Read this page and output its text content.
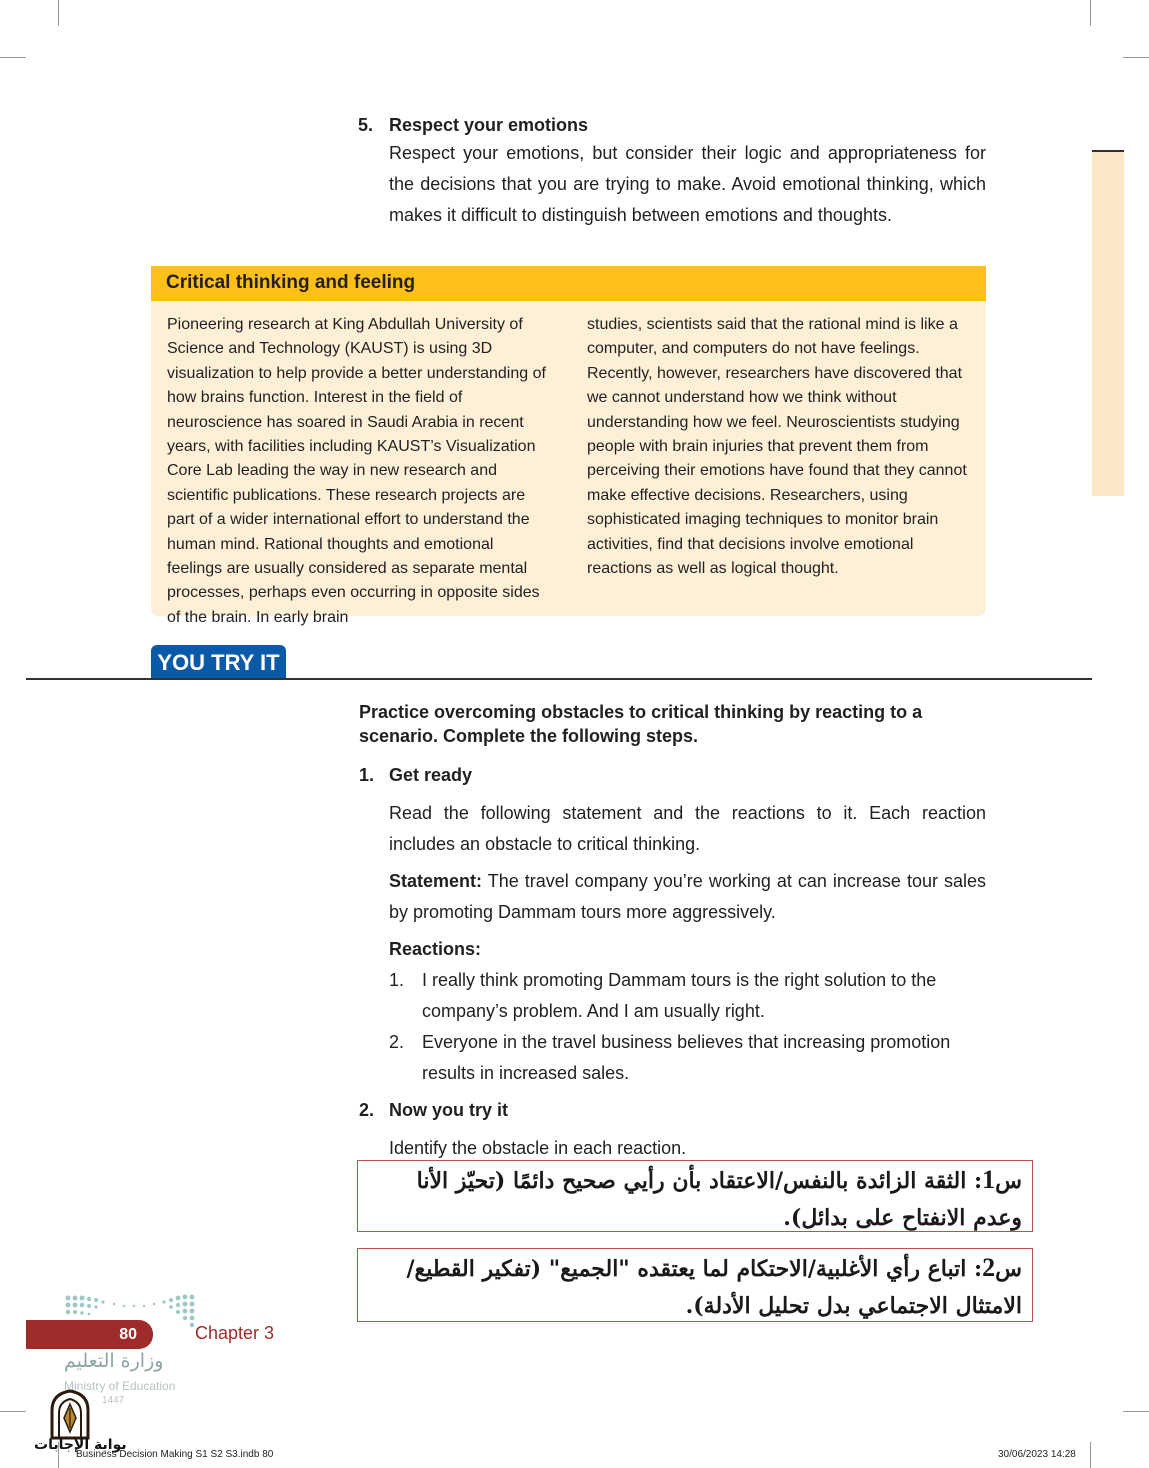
5. Respect your emotions
Respect your emotions, but consider their logic and appropriateness for the decisions that you are trying to make. Avoid emotional thinking, which makes it difficult to distinguish between emotions and thoughts.
Critical thinking and feeling

Pioneering research at King Abdullah University of Science and Technology (KAUST) is using 3D visualization to help provide a better understanding of how brains function. Interest in the field of neuroscience has soared in Saudi Arabia in recent years, with facilities including KAUST’s Visualization Core Lab leading the way in new research and scientific publications. These research projects are part of a wider international effort to understand the human mind. Rational thoughts and emotional feelings are usually considered as separate mental processes, perhaps even occurring in opposite sides of the brain. In early brain

studies, scientists said that the rational mind is like a computer, and computers do not have feelings. Recently, however, researchers have discovered that we cannot understand how we think without understanding how we feel. Neuroscientists studying people with brain injuries that prevent them from perceiving their emotions have found that they cannot make effective decisions. Researchers, using sophisticated imaging techniques to monitor brain activities, find that decisions involve emotional reactions as well as logical thought.

YOU TRY IT

Practice overcoming obstacles to critical thinking by reacting to a scenario. Complete the following steps.

1. Get ready
Read the following statement and the reactions to it. Each reaction includes an obstacle to critical thinking.
Statement: The travel company you’re working at can increase tour sales by promoting Dammam tours more aggressively.
Reactions:
1. I really think promoting Dammam tours is the right solution to the company’s problem. And I am usually right.
2. Everyone in the travel business believes that increasing promotion results in increased sales.
2. Now you try it
Identify the obstacle in each reaction.
س1: الثقة الزائدة بالنفس/الاعتقاد بأن رأيي صحيح دائمًا (تحيّز الأنا وعدم الانفتاح على بدائل).
س2: اتباع رأي الأغلبية/الاحتكام لما يعتقده "الجميع" (تفكير القطيع/الامتثال الاجتماعي بدل تحليل الأدلة).
80	Chapter 3
وزارة التعليم
Ministry of Education
1447
بوابة الإجابات
Business Decision Making S1 S2 S3.indb 80	30/06/2023 14:28
